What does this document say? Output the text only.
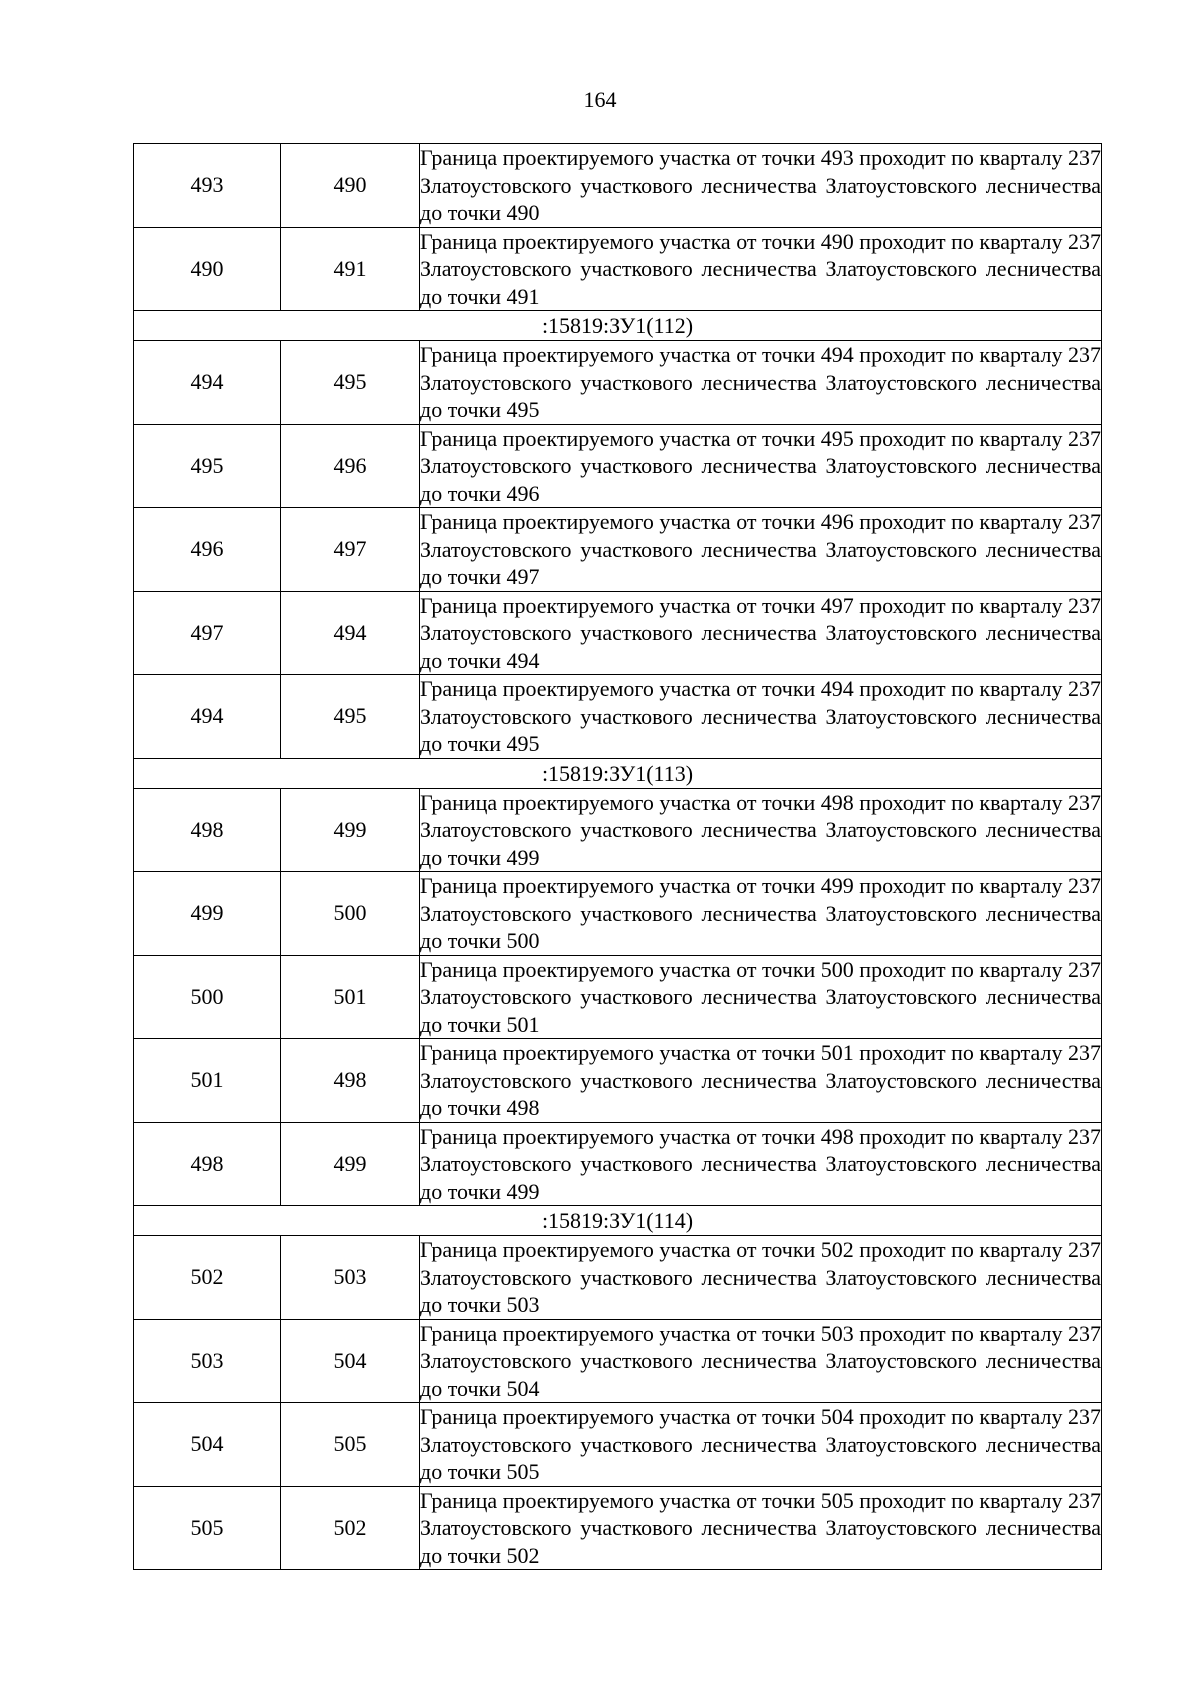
164
493	490	Граница проектируемого участка от точки 493 проходит по кварталу 237 Златоустовского участкового лесничества Златоустовского лесничества до точки 490
490	491	Граница проектируемого участка от точки 490 проходит по кварталу 237 Златоустовского участкового лесничества Златоустовского лесничества до точки 491
:15819:ЗУ1(112)		
494	495	Граница проектируемого участка от точки 494 проходит по кварталу 237 Златоустовского участкового лесничества Златоустовского лесничества до точки 495
495	496	Граница проектируемого участка от точки 495 проходит по кварталу 237 Златоустовского участкового лесничества Златоустовского лесничества до точки 496
496	497	Граница проектируемого участка от точки 496 проходит по кварталу 237 Златоустовского участкового лесничества Златоустовского лесничества до точки 497
497	494	Граница проектируемого участка от точки 497 проходит по кварталу 237 Златоустовского участкового лесничества Златоустовского лесничества до точки 494
494	495	Граница проектируемого участка от точки 494 проходит по кварталу 237 Златоустовского участкового лесничества Златоустовского лесничества до точки 495
:15819:ЗУ1(113)		
498	499	Граница проектируемого участка от точки 498 проходит по кварталу 237 Златоустовского участкового лесничества Златоустовского лесничества до точки 499
499	500	Граница проектируемого участка от точки 499 проходит по кварталу 237 Златоустовского участкового лесничества Златоустовского лесничества до точки 500
500	501	Граница проектируемого участка от точки 500 проходит по кварталу 237 Златоустовского участкового лесничества Златоустовского лесничества до точки 501
501	498	Граница проектируемого участка от точки 501 проходит по кварталу 237 Златоустовского участкового лесничества Златоустовского лесничества до точки 498
498	499	Граница проектируемого участка от точки 498 проходит по кварталу 237 Златоустовского участкового лесничества Златоустовского лесничества до точки 499
:15819:ЗУ1(114)		
502	503	Граница проектируемого участка от точки 502 проходит по кварталу 237 Златоустовского участкового лесничества Златоустовского лесничества до точки 503
503	504	Граница проектируемого участка от точки 503 проходит по кварталу 237 Златоустовского участкового лесничества Златоустовского лесничества до точки 504
504	505	Граница проектируемого участка от точки 504 проходит по кварталу 237 Златоустовского участкового лесничества Златоустовского лесничества до точки 505
505	502	Граница проектируемого участка от точки 505 проходит по кварталу 237 Златоустовского участкового лесничества Златоустовского лесничества до точки 502
